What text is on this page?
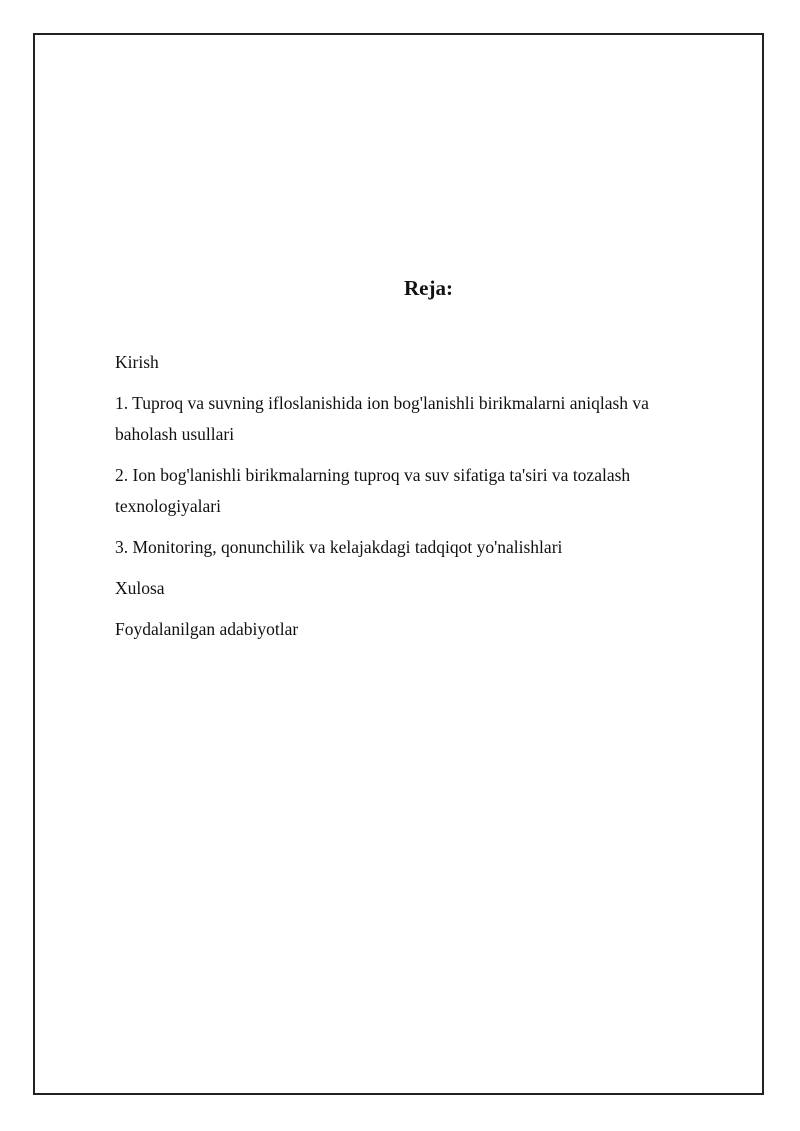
Reja:
Kirish
1. Tuproq va suvning ifloslanishida ion bog'lanishli birikmalarni aniqlash va baholash usullari
2. Ion bog'lanishli birikmalarning tuproq va suv sifatiga ta'siri va tozalash texnologiyalari
3. Monitoring, qonunchilik va kelajakdagi tadqiqot yo'nalishlari
Xulosa
Foydalanilgan adabiyotlar
